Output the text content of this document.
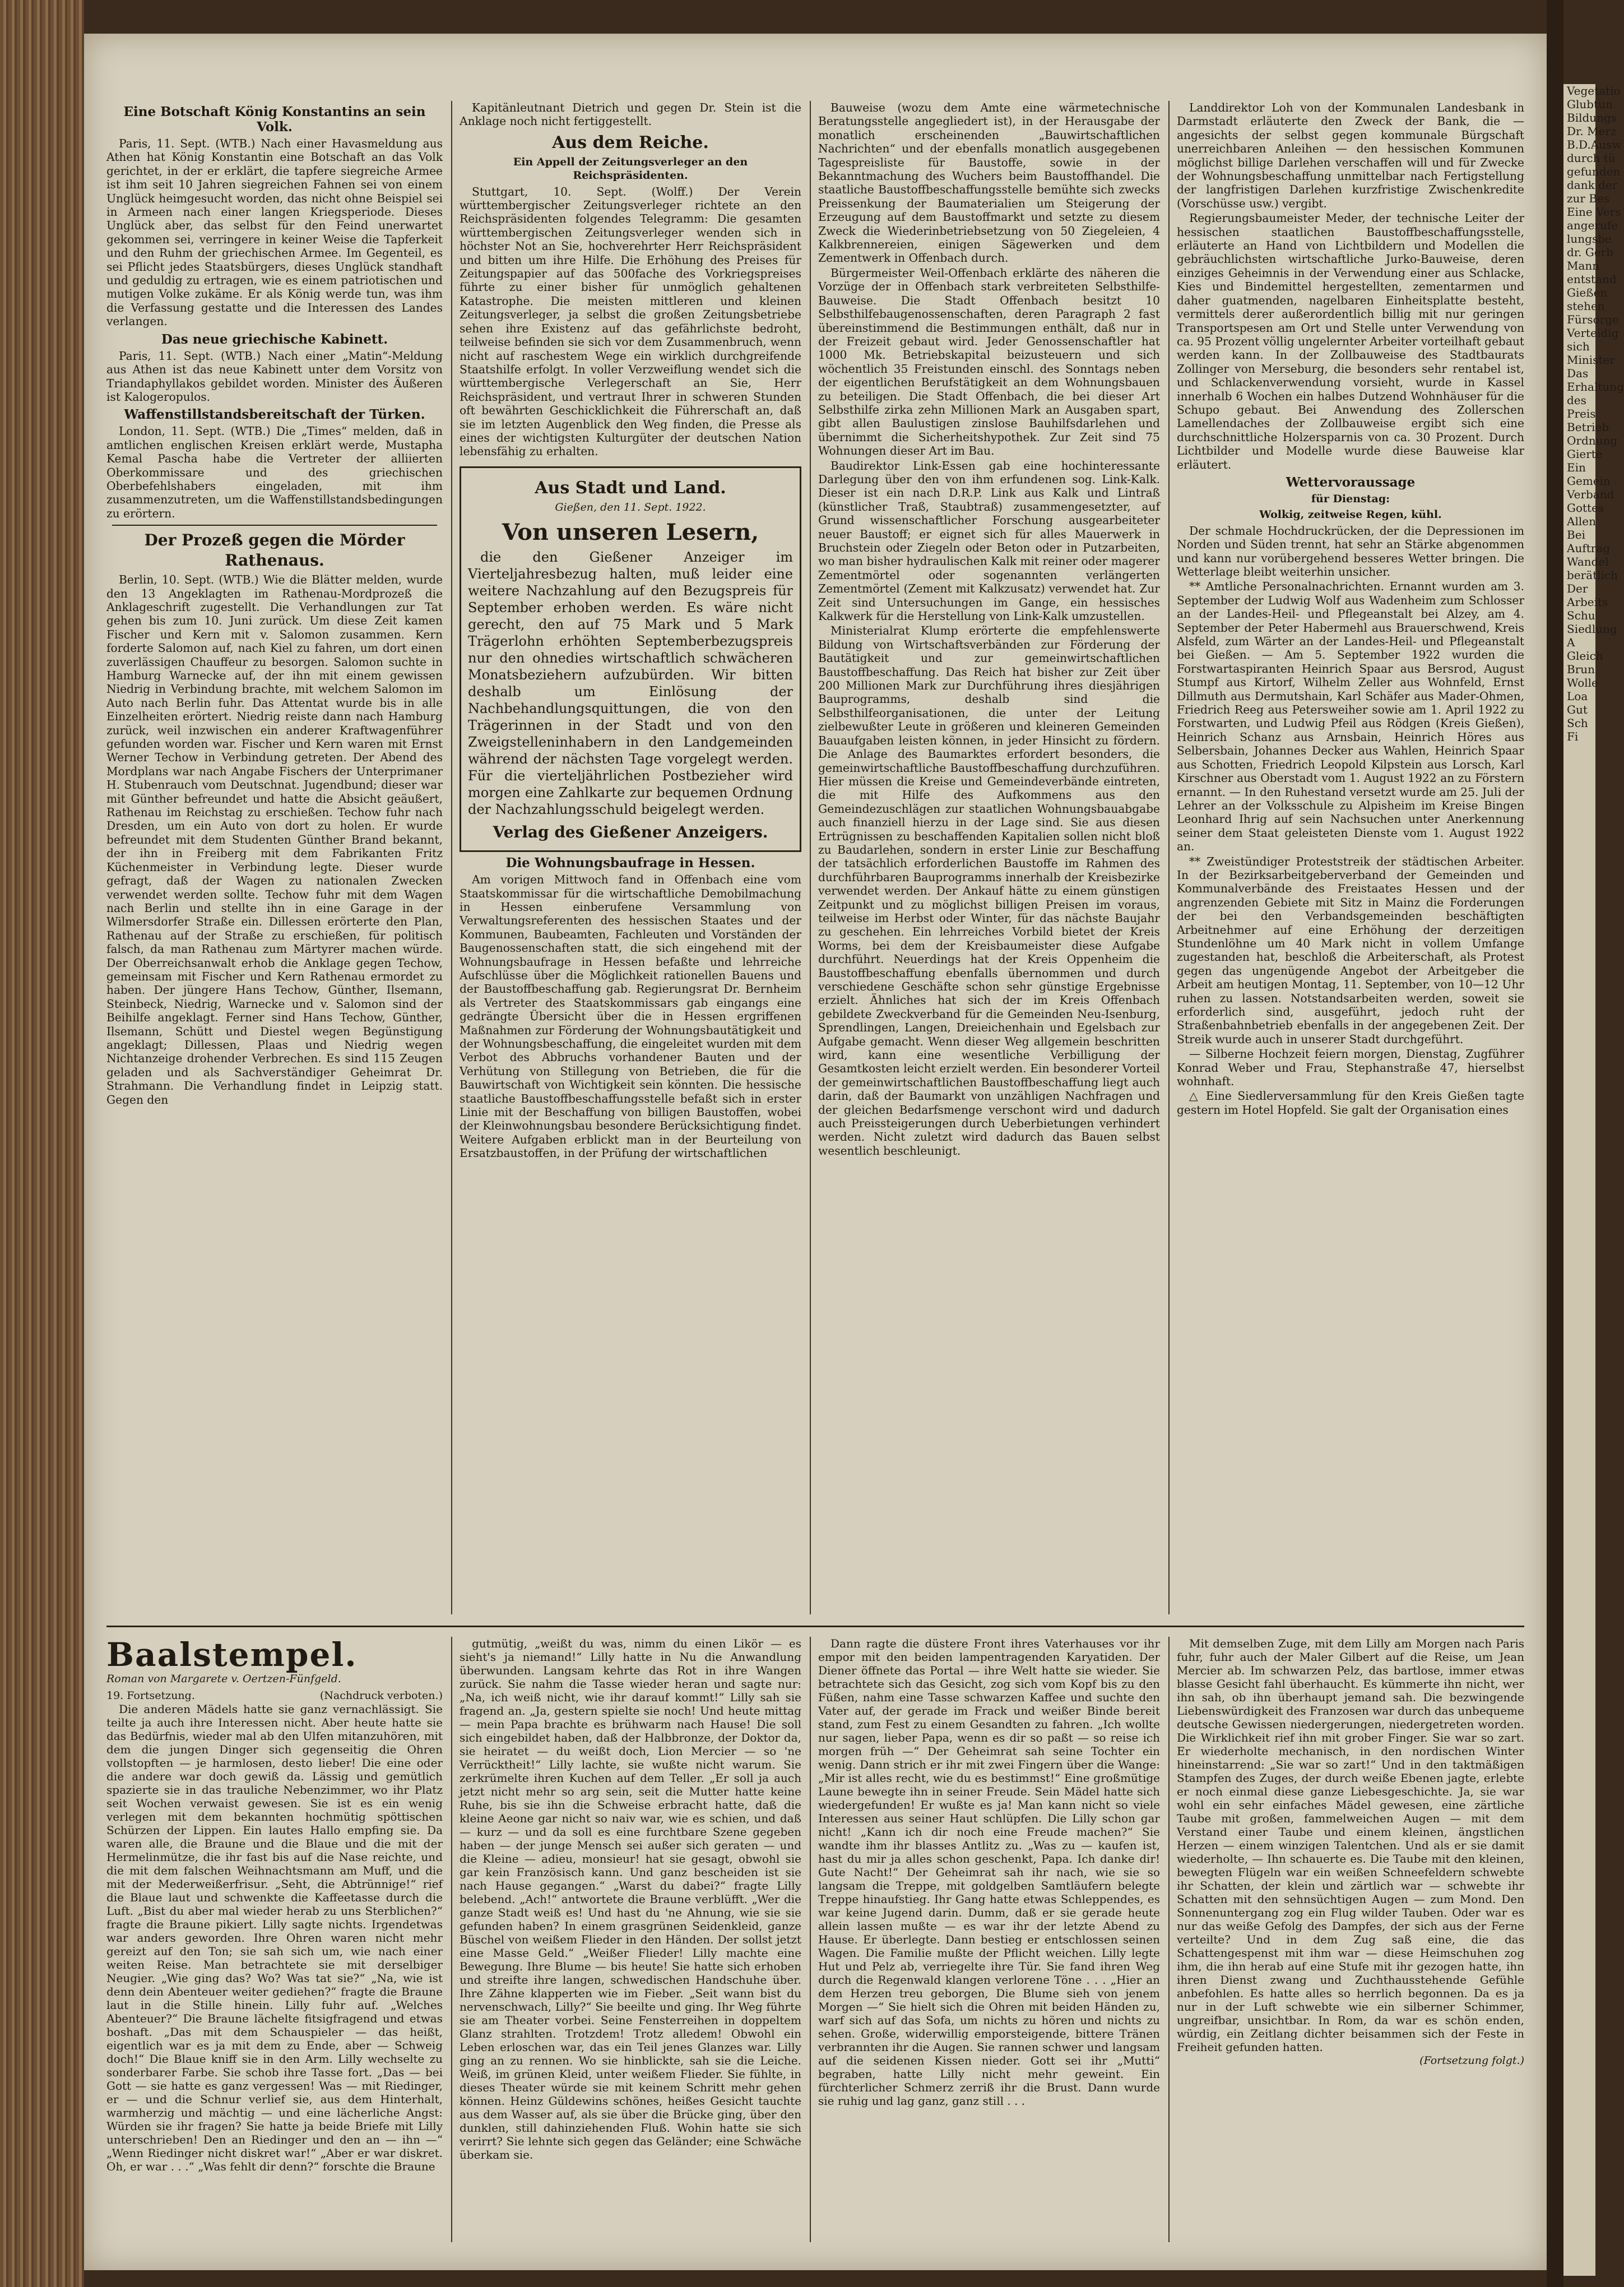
Eine Botschaft König Konstantins an sein Volk.

Paris, 11. Sept. (WTB.) Nach einer Havasmeldung aus Athen hat König Konstantin eine Botschaft an das Volk gerichtet, in der er erklärt, die tapfere siegreiche Armee ist ihm seit 10 Jahren siegreichen Fahnen sei von einem Unglück heimgesucht worden, das nicht ohne Beispiel sei in Armeen nach einer langen Kriegsperiode. Dieses Unglück aber, das selbst für den Feind unerwartet gekommen sei, verringere in keiner Weise die Tapferkeit und den Ruhm der griechischen Armee. Im Gegenteil, es sei Pflicht jedes Staatsbürgers, dieses Unglück standhaft und geduldig zu ertragen, wie es einem patriotischen und mutigen Volke zukäme. Er als König werde tun, was ihm die Verfassung gestatte und die Interessen des Landes verlangen.

Das neue griechische Kabinett.

Paris, 11. Sept. (WTB.) Nach einer „Matin“-Meldung aus Athen ist das neue Kabinett unter dem Vorsitz von Triandaphyllakos gebildet worden. Minister des Äußeren ist Kalogeropulos.

Waffenstillstandsbereitschaft der Türken.

London, 11. Sept. (WTB.) Die „Times“ melden, daß in amtlichen englischen Kreisen erklärt werde, Mustapha Kemal Pascha habe die Vertreter der alliierten Oberkommissare und des griechischen Oberbefehlshabers eingeladen, mit ihm zusammenzutreten, um die Waffenstillstandsbedingungen zu erörtern.

Der Prozeß gegen die Mörder Rathenaus.

Berlin, 10. Sept. (WTB.) Wie die Blätter melden, wurde den 13 Angeklagten im Rathenau-Mordprozeß die Anklageschrift zugestellt. Die Verhandlungen zur Tat gehen bis zum 10. Juni zurück. Um diese Zeit kamen Fischer und Kern mit v. Salomon zusammen. Kern forderte Salomon auf, nach Kiel zu fahren, um dort einen zuverlässigen Chauffeur zu besorgen. Salomon suchte in Hamburg Warnecke auf, der ihn mit einem gewissen Niedrig in Verbindung brachte, mit welchem Salomon im Auto nach Berlin fuhr. Das Attentat wurde bis in alle Einzelheiten erörtert. Niedrig reiste dann nach Hamburg zurück, weil inzwischen ein anderer Kraftwagenführer gefunden worden war. Fischer und Kern waren mit Ernst Werner Techow in Verbindung getreten. Der Abend des Mordplans war nach Angabe Fischers der Unterprimaner H. Stubenrauch vom Deutschnat. Jugendbund; dieser war mit Günther befreundet und hatte die Absicht geäußert, Rathenau im Reichstag zu erschießen. Techow fuhr nach Dresden, um ein Auto von dort zu holen. Er wurde befreundet mit dem Studenten Günther Brand bekannt, der ihn in Freiberg mit dem Fabrikanten Fritz Küchenmeister in Verbindung legte. Dieser wurde gefragt, daß der Wagen zu nationalen Zwecken verwendet werden sollte. Techow fuhr mit dem Wagen nach Berlin und stellte ihn in eine Garage in der Wilmersdorfer Straße ein. Dillessen erörterte den Plan, Rathenau auf der Straße zu erschießen, für politisch falsch, da man Rathenau zum Märtyrer machen würde. Der Oberreichsanwalt erhob die Anklage gegen Techow, gemeinsam mit Fischer und Kern Rathenau ermordet zu haben. Der jüngere Hans Techow, Günther, Ilsemann, Steinbeck, Niedrig, Warnecke und v. Salomon sind der Beihilfe angeklagt. Ferner sind Hans Techow, Günther, Ilsemann, Schütt und Diestel wegen Begünstigung angeklagt; Dillessen, Plaas und Niedrig wegen Nichtanzeige drohender Verbrechen. Es sind 115 Zeugen geladen und als Sachverständiger Geheimrat Dr. Strahmann. Die Verhandlung findet in Leipzig statt. Gegen den

Kapitänleutnant Dietrich und gegen Dr. Stein ist die Anklage noch nicht fertiggestellt.

Aus dem Reiche.
Ein Appell der Zeitungsverleger an den Reichspräsidenten.

Stuttgart, 10. Sept. (Wolff.) Der Verein württembergischer Zeitungsverleger richtete an den Reichspräsidenten folgendes Telegramm: Die gesamten württembergischen Zeitungsverleger wenden sich in höchster Not an Sie, hochverehrter Herr Reichspräsident und bitten um ihre Hilfe. Die Erhöhung des Preises für Zeitungspapier auf das 500fache des Vorkriegspreises führte zu einer bisher für unmöglich gehaltenen Katastrophe. Die meisten mittleren und kleinen Zeitungsverleger, ja selbst die großen Zeitungsbetriebe sehen ihre Existenz auf das gefährlichste bedroht, teilweise befinden sie sich vor dem Zusammenbruch, wenn nicht auf raschestem Wege ein wirklich durchgreifende Staatshilfe erfolgt. In voller Verzweiflung wendet sich die württembergische Verlegerschaft an Sie, Herr Reichspräsident, und vertraut Ihrer in schweren Stunden oft bewährten Geschicklichkeit die Führerschaft an, daß sie im letzten Augenblick den Weg finden, die Presse als eines der wichtigsten Kulturgüter der deutschen Nation lebensfähig zu erhalten.

Aus Stadt und Land.
Gießen, den 11. Sept. 1922.
Von unseren Lesern,

die den Gießener Anzeiger im Vierteljahresbezug halten, muß leider eine weitere Nachzahlung auf den Bezugspreis für September erhoben werden. Es wäre nicht gerecht, den auf 75 Mark und 5 Mark Trägerlohn erhöhten Septemberbezugspreis nur den ohnedies wirtschaftlich schwächeren Monatsbeziehern aufzubürden. Wir bitten deshalb um Einlösung der Nachbehandlungsquittungen, die von den Trägerinnen in der Stadt und von den Zweigstelleninhabern in den Landgemeinden während der nächsten Tage vorgelegt werden. Für die vierteljährlichen Postbezieher wird morgen eine Zahlkarte zur bequemen Ordnung der Nachzahlungsschuld beigelegt werden.

Verlag des Gießener Anzeigers.
Die Wohnungsbaufrage in Hessen.

Am vorigen Mittwoch fand in Offenbach eine vom Staatskommissar für die wirtschaftliche Demobilmachung in Hessen einberufene Versammlung von Verwaltungsreferenten des hessischen Staates und der Kommunen, Baubeamten, Fachleuten und Vorständen der Baugenossenschaften statt, die sich eingehend mit der Wohnungsbaufrage in Hessen befaßte und lehrreiche Aufschlüsse über die Möglichkeit rationellen Bauens und der Baustoffbeschaffung gab. Regierungsrat Dr. Bernheim als Vertreter des Staatskommissars gab eingangs eine gedrängte Übersicht über die in Hessen ergriffenen Maßnahmen zur Förderung der Wohnungsbautätigkeit und der Wohnungsbeschaffung, die eingeleitet wurden mit dem Verbot des Abbruchs vorhandener Bauten und der Verhütung von Stillegung von Betrieben, die für die Bauwirtschaft von Wichtigkeit sein könnten. Die hessische staatliche Baustoffbeschaffungsstelle befaßt sich in erster Linie mit der Beschaffung von billigen Baustoffen, wobei der Kleinwohnungsbau besondere Berücksichtigung findet. Weitere Aufgaben erblickt man in der Beurteilung von Ersatzbaustoffen, in der Prüfung der wirtschaftlichen

Bauweise (wozu dem Amte eine wärmetechnische Beratungsstelle angegliedert ist), in der Herausgabe der monatlich erscheinenden „Bauwirtschaftlichen Nachrichten“ und der ebenfalls monatlich ausgegebenen Tagespreisliste für Baustoffe, sowie in der Bekanntmachung des Wuchers beim Baustoffhandel. Die staatliche Baustoffbeschaffungsstelle bemühte sich zwecks Preissenkung der Baumaterialien um Steigerung der Erzeugung auf dem Baustoffmarkt und setzte zu diesem Zweck die Wiederinbetriebsetzung von 50 Ziegeleien, 4 Kalkbrennereien, einigen Sägewerken und dem Zementwerk in Offenbach durch.

Bürgermeister Weil-Offenbach erklärte des näheren die Vorzüge der in Offenbach stark verbreiteten Selbsthilfe-Bauweise. Die Stadt Offenbach besitzt 10 Selbsthilfebaugenossenschaften, deren Paragraph 2 fast übereinstimmend die Bestimmungen enthält, daß nur in der Freizeit gebaut wird. Jeder Genossenschaftler hat 1000 Mk. Betriebskapital beizusteuern und sich wöchentlich 35 Freistunden einschl. des Sonntags neben der eigentlichen Berufstätigkeit an dem Wohnungsbauen zu beteiligen. Die Stadt Offenbach, die bei dieser Art Selbsthilfe zirka zehn Millionen Mark an Ausgaben spart, gibt allen Baulustigen zinslose Bauhilfsdarlehen und übernimmt die Sicherheitshypothek. Zur Zeit sind 75 Wohnungen dieser Art im Bau.

Baudirektor Link-Essen gab eine hochinteressante Darlegung über den von ihm erfundenen sog. Link-Kalk. Dieser ist ein nach D.R.P. Link aus Kalk und Lintraß (künstlicher Traß, Staubtraß) zusammengesetzter, auf Grund wissenschaftlicher Forschung ausgearbeiteter neuer Baustoff; er eignet sich für alles Mauerwerk in Bruchstein oder Ziegeln oder Beton oder in Putzarbeiten, wo man bisher hydraulischen Kalk mit reiner oder magerer Zementmörtel oder sogenannten verlängerten Zementmörtel (Zement mit Kalkzusatz) verwendet hat. Zur Zeit sind Untersuchungen im Gange, ein hessisches Kalkwerk für die Herstellung von Link-Kalk umzustellen.

Ministerialrat Klump erörterte die empfehlenswerte Bildung von Wirtschaftsverbänden zur Förderung der Bautätigkeit und zur gemeinwirtschaftlichen Baustoffbeschaffung. Das Reich hat bisher zur Zeit über 200 Millionen Mark zur Durchführung ihres diesjährigen Bauprogramms, deshalb sind die Selbsthilfeorganisationen, die unter der Leitung zielbewußter Leute in größeren und kleineren Gemeinden Bauaufgaben leisten können, in jeder Hinsicht zu fördern. Die Anlage des Baumarktes erfordert besonders, die gemeinwirtschaftliche Baustoffbeschaffung durchzuführen. Hier müssen die Kreise und Gemeindeverbände eintreten, die mit Hilfe des Aufkommens aus den Gemeindezuschlägen zur staatlichen Wohnungsbauabgabe auch finanziell hierzu in der Lage sind. Sie aus diesen Ertrügnissen zu beschaffenden Kapitalien sollen nicht bloß zu Baudarlehen, sondern in erster Linie zur Beschaffung der tatsächlich erforderlichen Baustoffe im Rahmen des durchführbaren Bauprogramms innerhalb der Kreisbezirke verwendet werden. Der Ankauf hätte zu einem günstigen Zeitpunkt und zu möglichst billigen Preisen im voraus, teilweise im Herbst oder Winter, für das nächste Baujahr zu geschehen. Ein lehrreiches Vorbild bietet der Kreis Worms, bei dem der Kreisbaumeister diese Aufgabe durchführt. Neuerdings hat der Kreis Oppenheim die Baustoffbeschaffung ebenfalls übernommen und durch verschiedene Geschäfte schon sehr günstige Ergebnisse erzielt. Ähnliches hat sich der im Kreis Offenbach gebildete Zweckverband für die Gemeinden Neu-Isenburg, Sprendlingen, Langen, Dreieichenhain und Egelsbach zur Aufgabe gemacht. Wenn dieser Weg allgemein beschritten wird, kann eine wesentliche Verbilligung der Gesamtkosten leicht erzielt werden. Ein besonderer Vorteil der gemeinwirtschaftlichen Baustoffbeschaffung liegt auch darin, daß der Baumarkt von unzähligen Nachfragen und der gleichen Bedarfsmenge verschont wird und dadurch auch Preissteigerungen durch Ueberbietungen verhindert werden. Nicht zuletzt wird dadurch das Bauen selbst wesentlich beschleunigt.

Landdirektor Loh von der Kommunalen Landesbank in Darmstadt erläuterte den Zweck der Bank, die — angesichts der selbst gegen kommunale Bürgschaft unerreichbaren Anleihen — den hessischen Kommunen möglichst billige Darlehen verschaffen will und für Zwecke der Wohnungsbeschaffung unmittelbar nach Fertigstellung der langfristigen Darlehen kurzfristige Zwischenkredite (Vorschüsse usw.) vergibt.

Regierungsbaumeister Meder, der technische Leiter der hessischen staatlichen Baustoffbeschaffungsstelle, erläuterte an Hand von Lichtbildern und Modellen die gebräuchlichsten wirtschaftliche Jurko-Bauweise, deren einziges Geheimnis in der Verwendung einer aus Schlacke, Kies und Bindemittel hergestellten, zementarmen und daher guatmenden, nagelbaren Einheitsplatte besteht, vermittels derer außerordentlich billig mit nur geringen Transportspesen am Ort und Stelle unter Verwendung von ca. 95 Prozent völlig ungelernter Arbeiter vorteilhaft gebaut werden kann. In der Zollbauweise des Stadtbaurats Zollinger von Merseburg, die besonders sehr rentabel ist, und Schlackenverwendung vorsieht, wurde in Kassel innerhalb 6 Wochen ein halbes Dutzend Wohnhäuser für die Schupo gebaut. Bei Anwendung des Zollerschen Lamellendaches der Zollbauweise ergibt sich eine durchschnittliche Holzersparnis von ca. 30 Prozent. Durch Lichtbilder und Modelle wurde diese Bauweise klar erläutert.

Wettervoraussage
für Dienstag:
Wolkig, zeitweise Regen, kühl.

Der schmale Hochdruckrücken, der die Depressionen im Norden und Süden trennt, hat sehr an Stärke abgenommen und kann nur vorübergehend besseres Wetter bringen. Die Wetterlage bleibt weiterhin unsicher.

** Amtliche Personalnachrichten. Ernannt wurden am 3. September der Ludwig Wolf aus Wadenheim zum Schlosser an der Landes-Heil- und Pflegeanstalt bei Alzey, am 4. September der Peter Habermehl aus Brauerschwend, Kreis Alsfeld, zum Wärter an der Landes-Heil- und Pflegeanstalt bei Gießen. — Am 5. September 1922 wurden die Forstwartaspiranten Heinrich Spaar aus Bersrod, August Stumpf aus Kirtorf, Wilhelm Zeller aus Wohnfeld, Ernst Dillmuth aus Dermutshain, Karl Schäfer aus Mader-Ohmen, Friedrich Reeg aus Petersweiher sowie am 1. April 1922 zu Forstwarten, und Ludwig Pfeil aus Rödgen (Kreis Gießen), Heinrich Schanz aus Arnsbain, Heinrich Höres aus Selbersbain, Johannes Decker aus Wahlen, Heinrich Spaar aus Schotten, Friedrich Leopold Kilpstein aus Lorsch, Karl Kirschner aus Oberstadt vom 1. August 1922 an zu Förstern ernannt. — In den Ruhestand versetzt wurde am 25. Juli der Lehrer an der Volksschule zu Alpisheim im Kreise Bingen Leonhard Ihrig auf sein Nachsuchen unter Anerkennung seiner dem Staat geleisteten Dienste vom 1. August 1922 an.

** Zweistündiger Proteststreik der städtischen Arbeiter. In der Bezirksarbeitgeberverband der Gemeinden und Kommunalverbände des Freistaates Hessen und der angrenzenden Gebiete mit Sitz in Mainz die Forderungen der bei den Verbandsgemeinden beschäftigten Arbeitnehmer auf eine Erhöhung der derzeitigen Stundenlöhne um 40 Mark nicht in vollem Umfange zugestanden hat, beschloß die Arbeiterschaft, als Protest gegen das ungenügende Angebot der Arbeitgeber die Arbeit am heutigen Montag, 11. September, von 10—12 Uhr ruhen zu lassen. Notstandsarbeiten werden, soweit sie erforderlich sind, ausgeführt, jedoch ruht der Straßenbahnbetrieb ebenfalls in der angegebenen Zeit. Der Streik wurde auch in unserer Stadt durchgeführt.

— Silberne Hochzeit feiern morgen, Dienstag, Zugführer Konrad Weber und Frau, Stephanstraße 47, hierselbst wohnhaft.

△ Eine Siedlerversammlung für den Kreis Gießen tagte gestern im Hotel Hopfeld. Sie galt der Organisation eines

Baalstempel.
Roman von Margarete v. Oertzen-Fünfgeld.
19. Fortsetzung.	(Nachdruck verboten.)

Die anderen Mädels hatte sie ganz vernachlässigt. Sie teilte ja auch ihre Interessen nicht. Aber heute hatte sie das Bedürfnis, wieder mal ab den Ulfen mitanzuhören, mit dem die jungen Dinger sich gegenseitig die Ohren vollstopften — je harmlosen, desto lieber! Die eine oder die andere war doch gewiß da. Lässig und gemütlich spazierte sie in das trauliche Nebenzimmer, wo ihr Platz seit Wochen verwaist gewesen. Sie ist es ein wenig verlegen mit dem bekannten hochmütig spöttischen Schürzen der Lippen. Ein lautes Hallo empfing sie. Da waren alle, die Braune und die Blaue und die mit der Hermelinmütze, die ihr fast bis auf die Nase reichte, und die mit dem falschen Weihnachtsmann am Muff, und die mit der Mederweißerfrisur. „Seht, die Abtrünnige!“ rief die Blaue laut und schwenkte die Kaffeetasse durch die Luft. „Bist du aber mal wieder herab zu uns Sterblichen?“ fragte die Braune pikiert. Lilly sagte nichts. Irgendetwas war anders geworden. Ihre Ohren waren nicht mehr gereizt auf den Ton; sie sah sich um, wie nach einer weiten Reise. Man betrachtete sie mit derselbiger Neugier. „Wie ging das? Wo? Was tat sie?“ „Na, wie ist denn dein Abenteuer weiter gediehen?“ fragte die Braune laut in die Stille hinein. Lilly fuhr auf. „Welches Abenteuer?“ Die Braune lächelte fitsigfragend und etwas boshaft. „Das mit dem Schauspieler — das heißt, eigentlich war es ja mit dem zu Ende, aber — Schweig doch!“ Die Blaue kniff sie in den Arm. Lilly wechselte zu sonderbarer Farbe. Sie schob ihre Tasse fort. „Das — bei Gott — sie hatte es ganz vergessen! Was — mit Riedinger, er — und die Schnur verlief sie, aus dem Hinterhalt, warmherzig und mächtig — und eine lächerliche Angst: Würden sie ihr fragen? Sie hatte ja beide Briefe mit Lilly unterschrieben! Den an Riedinger und den an — ihn —“ „Wenn Riedinger nicht diskret war!“ „Aber er war diskret. Oh, er war . . .“ „Was fehlt dir denn?“ forschte die Braune

gutmütig, „weißt du was, nimm du einen Likör — es sieht's ja niemand!“ Lilly hatte in Nu die Anwandlung überwunden. Langsam kehrte das Rot in ihre Wangen zurück. Sie nahm die Tasse wieder heran und sagte nur: „Na, ich weiß nicht, wie ihr darauf kommt!“ Lilly sah sie fragend an. „Ja, gestern spielte sie noch! Und heute mittag — mein Papa brachte es brühwarm nach Hause! Die soll sich eingebildet haben, daß der Halbbronze, der Doktor da, sie heiratet — du weißt doch, Lion Mercier — so 'ne Verrücktheit!“ Lilly lachte, sie wußte nicht warum. Sie zerkrümelte ihren Kuchen auf dem Teller. „Er soll ja auch jetzt nicht mehr so arg sein, seit die Mutter hatte keine Ruhe, bis sie ihn die Schweise erbracht hatte, daß die kleine Aeone gar nicht so naiv war, wie es schien, und daß — kurz — und da soll es eine furchtbare Szene gegeben haben — der junge Mensch sei außer sich geraten — und die Kleine — adieu, monsieur! hat sie gesagt, obwohl sie gar kein Französisch kann. Und ganz bescheiden ist sie nach Hause gegangen.“ „Warst du dabei?“ fragte Lilly belebend. „Ach!“ antwortete die Braune verblüfft. „Wer die ganze Stadt weiß es! Und hast du 'ne Ahnung, wie sie sie gefunden haben? In einem grasgrünen Seidenkleid, ganze Büschel von weißem Flieder in den Händen. Der sollst jetzt eine Masse Geld.“ „Weißer Flieder! Lilly machte eine Bewegung. Ihre Blume — bis heute! Sie hatte sich erhoben und streifte ihre langen, schwedischen Handschuhe über. Ihre Zähne klapperten wie im Fieber. „Seit wann bist du nervenschwach, Lilly?“ Sie beeilte und ging. Ihr Weg führte sie am Theater vorbei. Seine Fensterreihen in doppeltem Glanz strahlten. Trotzdem! Trotz alledem! Obwohl ein Leben erloschen war, das ein Teil jenes Glanzes war. Lilly ging an zu rennen. Wo sie hinblickte, sah sie die Leiche. Weiß, im grünen Kleid, unter weißem Flieder. Sie fühlte, in dieses Theater würde sie mit keinem Schritt mehr gehen können. Heinz Güldewins schönes, heißes Gesicht tauchte aus dem Wasser auf, als sie über die Brücke ging, über den dunklen, still dahinziehenden Fluß. Wohin hatte sie sich verirrt? Sie lehnte sich gegen das Geländer; eine Schwäche überkam sie.

Dann ragte die düstere Front ihres Vaterhauses vor ihr empor mit den beiden lampentragenden Karyatiden. Der Diener öffnete das Portal — ihre Welt hatte sie wieder. Sie betrachtete sich das Gesicht, zog sich vom Kopf bis zu den Füßen, nahm eine Tasse schwarzen Kaffee und suchte den Vater auf, der gerade im Frack und weißer Binde bereit stand, zum Fest zu einem Gesandten zu fahren. „Ich wollte nur sagen, lieber Papa, wenn es dir so paßt — so reise ich morgen früh —“ Der Geheimrat sah seine Tochter ein wenig. Dann strich er ihr mit zwei Fingern über die Wange: „Mir ist alles recht, wie du es bestimmst!“ Eine großmütige Laune bewegte ihn in seiner Freude. Sein Mädel hatte sich wiedergefunden! Er wußte es ja! Man kann nicht so viele Interessen aus seiner Haut schlüpfen. Die Lilly schon gar nicht! „Kann ich dir noch eine Freude machen?“ Sie wandte ihm ihr blasses Antlitz zu. „Was zu — kaufen ist, hast du mir ja alles schon geschenkt, Papa. Ich danke dir! Gute Nacht!“ Der Geheimrat sah ihr nach, wie sie so langsam die Treppe, mit goldgelben Samtläufern belegte Treppe hinaufstieg. Ihr Gang hatte etwas Schleppendes, es war keine Jugend darin. Dumm, daß er sie gerade heute allein lassen mußte — es war ihr der letzte Abend zu Hause. Er überlegte. Dann bestieg er entschlossen seinen Wagen. Die Familie mußte der Pflicht weichen. Lilly legte Hut und Pelz ab, verriegelte ihre Tür. Sie fand ihren Weg durch die Regenwald klangen verlorene Töne . . . „Hier an dem Herzen treu geborgen, Die Blume sieh von jenem Morgen —“ Sie hielt sich die Ohren mit beiden Händen zu, warf sich auf das Sofa, um nichts zu hören und nichts zu sehen. Große, widerwillig emporsteigende, bittere Tränen verbrannten ihr die Augen. Sie rannen schwer und langsam auf die seidenen Kissen nieder. Gott sei ihr „Mutti“ begraben, hatte Lilly nicht mehr geweint. Ein fürchterlicher Schmerz zerriß ihr die Brust. Dann wurde sie ruhig und lag ganz, ganz still . . .

Mit demselben Zuge, mit dem Lilly am Morgen nach Paris fuhr, fuhr auch der Maler Gilbert auf die Reise, um Jean Mercier ab. Im schwarzen Pelz, das bartlose, immer etwas blasse Gesicht fahl überhaucht. Es kümmerte ihn nicht, wer ihn sah, ob ihn überhaupt jemand sah. Die bezwingende Liebenswürdigkeit des Franzosen war durch das unbequeme deutsche Gewissen niedergerungen, niedergetreten worden. Die Wirklichkeit rief ihn mit grober Finger. Sie war so zart. Er wiederholte mechanisch, in den nordischen Winter hineinstarrend: „Sie war so zart!“ Und in den taktmäßigen Stampfen des Zuges, der durch weiße Ebenen jagte, erlebte er noch einmal diese ganze Liebesgeschichte. Ja, sie war wohl ein sehr einfaches Mädel gewesen, eine zärtliche Taube mit großen, fammelweichen Augen — mit dem Verstand einer Taube und einem kleinen, ängstlichen Herzen — einem winzigen Talentchen. Und als er sie damit wiederholte, — Ihn schauerte es. Die Taube mit den kleinen, bewegten Flügeln war ein weißen Schneefeldern schwebte ihr Schatten, der klein und zärtlich war — schwebte ihr Schatten mit den sehnsüchtigen Augen — zum Mond. Den Sonnenuntergang zog ein Flug wilder Tauben. Oder war es nur das weiße Gefolg des Dampfes, der sich aus der Ferne verteilte? Und in dem Zug saß eine, die das Schattengespenst mit ihm war — diese Heimschuhen zog ihm, die ihn herab auf eine Stufe mit ihr gezogen hatte, ihn ihren Dienst zwang und Zuchthausstehende Gefühle anbefohlen. Es hatte alles so herrlich begonnen. Da es ja nur in der Luft schwebte wie ein silberner Schimmer, ungreifbar, unsichtbar. In Rom, da war es schön enden, würdig, ein Zeitlang dichter beisammen sich der Feste in Freiheit gefunden hatten.

(Fortsetzung folgt.)
Vegetatio
Glubtun
Bildungs
Dr. Merz
B.D.Ausw
durch tü
gefunden
dank der
zur Bes
Eine Vers
angerufe
lungsbe
dr. Gerb
Mann
entstand
Gießen
stehen
Fürsorge
Verteidig
sich
Minister
Das
Erhaltung
des
Preis
Betrieb
Ordnung
Gierte
Ein
Gemein
Verband
Gottes
Allen
Bei
Auftrag
Wandel
berätlich
Der
Arbeits
Schu
Siedlung
A
Gleich
Brun
Wolle
Loa
Gut
Sch
Fi
